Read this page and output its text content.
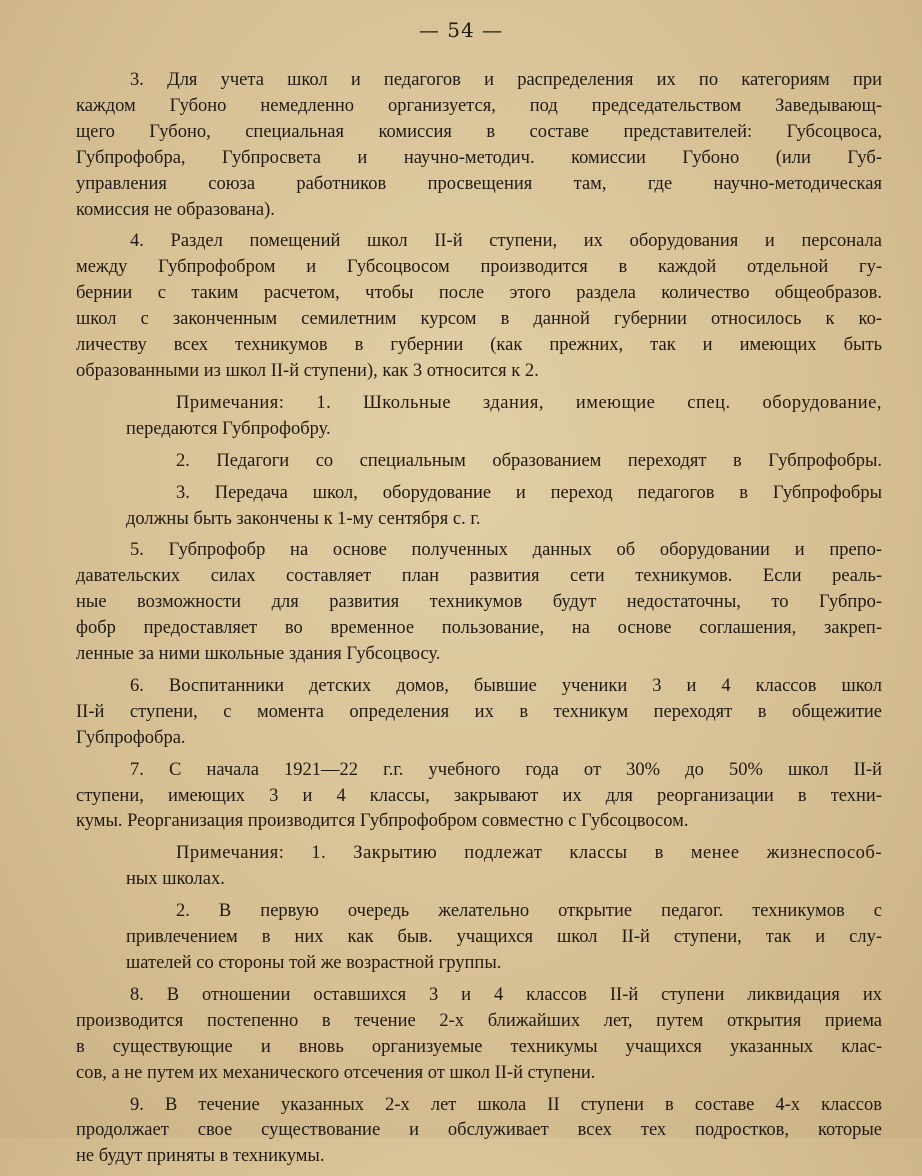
— 54 —
3. Для учета школ и педагогов и распределения их по категориям при
каждом Губоно немедленно организуется, под председательством Заведывающ-
щего Губоно, специальная комиссия в составе представителей: Губсоцвоса,
Губпрофобра, Губпросвета и научно-методич. комиссии Губоно (или Губ-
управления союза работников просвещения там, где научно-методическая
комиссия не образована).
4. Раздел помещений школ II-й ступени, их оборудования и персонала
между Губпрофобром и Губсоцвосом производится в каждой отдельной гу-
бернии с таким расчетом, чтобы после этого раздела количество общеобразов.
школ с законченным семилетним курсом в данной губернии относилось к ко-
личеству всех техникумов в губернии (как прежних, так и имеющих быть
образованными из школ II-й ступени), как 3 относится к 2.
Примечания: 1. Школьные здания, имеющие спец. оборудование,
передаются Губпрофобру.
2. Педагоги со специальным образованием переходят в Губпрофобры.
3. Передача школ, оборудование и переход педагогов в Губпрофобры
должны быть закончены к 1-му сентября с. г.
5. Губпрофобр на основе полученных данных об оборудовании и препо-
давательских силах составляет план развития сети техникумов. Если реаль-
ные возможности для развития техникумов будут недостаточны, то Губпро-
фобр предоставляет во временное пользование, на основе соглашения, закреп-
ленные за ними школьные здания Губсоцвосу.
6. Воспитанники детских домов, бывшие ученики 3 и 4 классов школ
II-й ступени, с момента определения их в техникум переходят в общежитие
Губпрофобра.
7. С начала 1921—22 г.г. учебного года от 30% до 50% школ II-й
ступени, имеющих 3 и 4 классы, закрывают их для реорганизации в техни-
кумы. Реорганизация производится Губпрофобром совместно с Губсоцвосом.
Примечания: 1. Закрытию подлежат классы в менее жизнеспособ-
ных школах.
2. В первую очередь желательно открытие педагог. техникумов с
привлечением в них как быв. учащихся школ II-й ступени, так и слу-
шателей со стороны той же возрастной группы.
8. В отношении оставшихся 3 и 4 классов II-й ступени ликвидация их
производится постепенно в течение 2-х ближайших лет, путем открытия приема
в существующие и вновь организуемые техникумы учащихся указанных клас-
сов, а не путем их механического отсечения от школ II-й ступени.
9. В течение указанных 2-х лет школа II ступени в составе 4-х классов
продолжает свое существование и обслуживает всех тех подростков, которые
не будут приняты в техникумы.
